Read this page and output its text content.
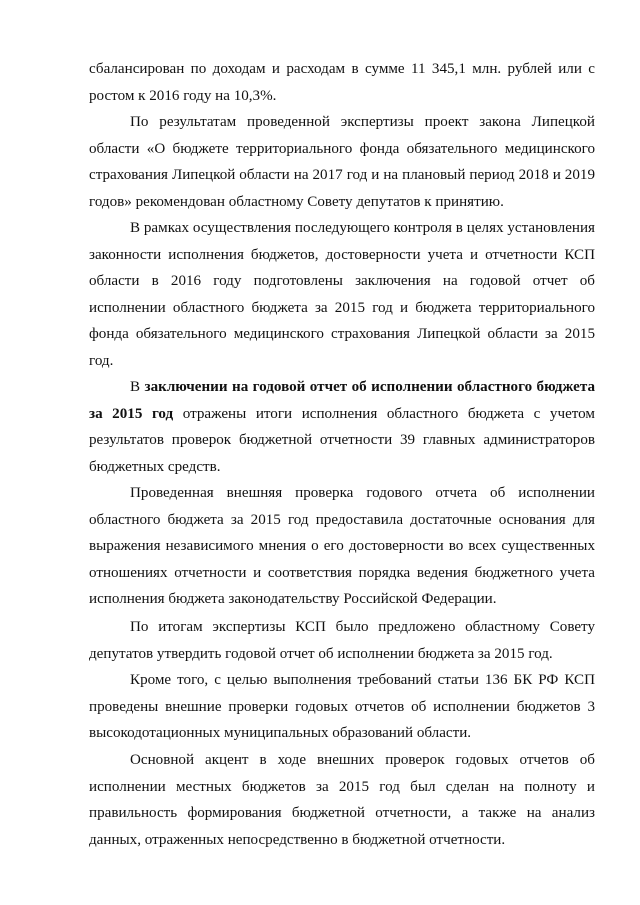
сбалансирован по доходам и расходам в сумме 11 345,1 млн. рублей или с ростом к 2016 году на 10,3%.

По результатам проведенной экспертизы проект закона Липецкой области «О бюджете территориального фонда обязательного медицинского страхования Липецкой области на 2017 год и на плановый период 2018 и 2019 годов» рекомендован областному Совету депутатов к принятию.

В рамках осуществления последующего контроля в целях установления законности исполнения бюджетов, достоверности учета и отчетности КСП области в 2016 году подготовлены заключения на годовой отчет об исполнении областного бюджета за 2015 год и бюджета территориального фонда обязательного медицинского страхования Липецкой области за 2015 год.

В заключении на годовой отчет об исполнении областного бюджета за 2015 год отражены итоги исполнения областного бюджета с учетом результатов проверок бюджетной отчетности 39 главных администраторов бюджетных средств.

Проведенная внешняя проверка годового отчета об исполнении областного бюджета за 2015 год предоставила достаточные основания для выражения независимого мнения о его достоверности во всех существенных отношениях отчетности и соответствия порядка ведения бюджетного учета исполнения бюджета законодательству Российской Федерации.

По итогам экспертизы КСП было предложено областному Совету депутатов утвердить годовой отчет об исполнении бюджета за 2015 год.

Кроме того, с целью выполнения требований статьи 136 БК РФ КСП проведены внешние проверки годовых отчетов об исполнении бюджетов 3 высокодотационных муниципальных образований области.

Основной акцент в ходе внешних проверок годовых отчетов об исполнении местных бюджетов за 2015 год был сделан на полноту и правильность формирования бюджетной отчетности, а также на анализ данных, отраженных непосредственно в бюджетной отчетности.
